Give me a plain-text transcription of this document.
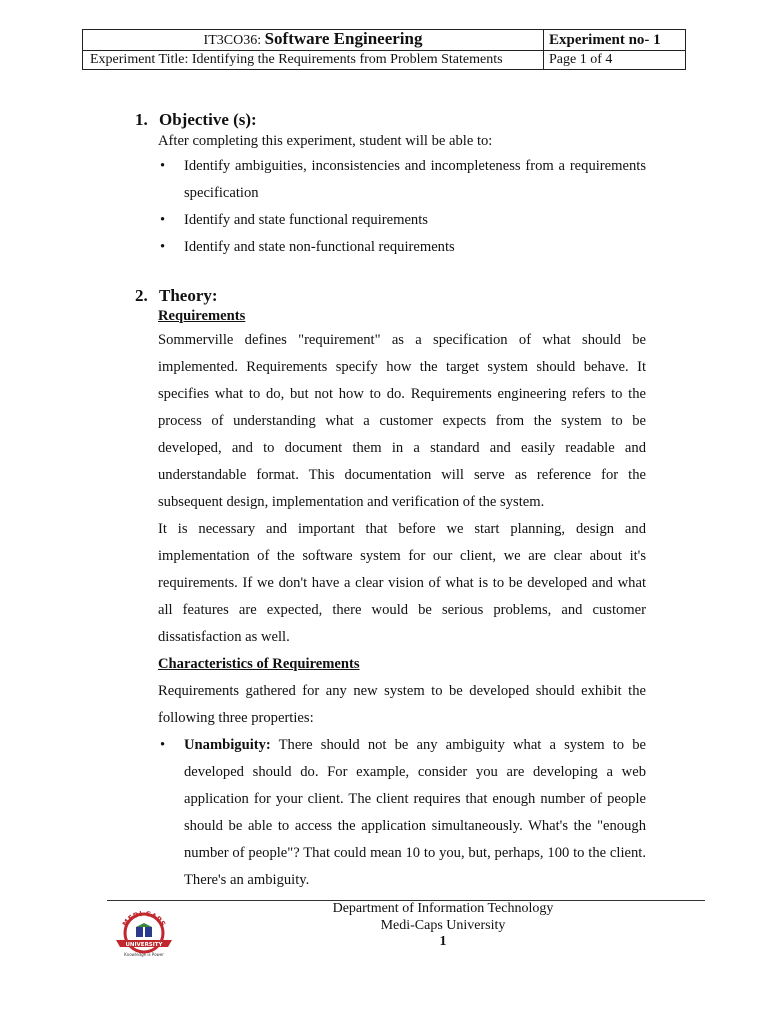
IT3CO36: Software Engineering	Experiment no- 1
Experiment Title: Identifying the Requirements from Problem Statements	Page 1 of 4
1. Objective (s):

After completing this experiment, student will be able to:

• Identify ambiguities, inconsistencies and incompleteness from a requirements specification
• Identify and state functional requirements
• Identify and state non-functional requirements
2. Theory:
Requirements

Sommerville defines "requirement" as a specification of what should be implemented. Requirements specify how the target system should behave. It specifies what to do, but not how to do. Requirements engineering refers to the process of understanding what a customer expects from the system to be developed, and to document them in a standard and easily readable and understandable format. This documentation will serve as reference for the subsequent design, implementation and verification of the system.

It is necessary and important that before we start planning, design and implementation of the software system for our client, we are clear about it's requirements. If we don't have a clear vision of what is to be developed and what all features are expected, there would be serious problems, and customer dissatisfaction as well.

Characteristics of Requirements

Requirements gathered for any new system to be developed should exhibit the following three properties:

• Unambiguity: There should not be any ambiguity what a system to be developed should do. For example, consider you are developing a web application for your client. The client requires that enough number of people should be able to access the application simultaneously. What's the "enough number of people"? That could mean 10 to you, but, perhaps, 100 to the client. There's an ambiguity.
MEDI-CAPS
UNIVERSITY
Knowledge is Power
Department of Information Technology
Medi-Caps University
1
